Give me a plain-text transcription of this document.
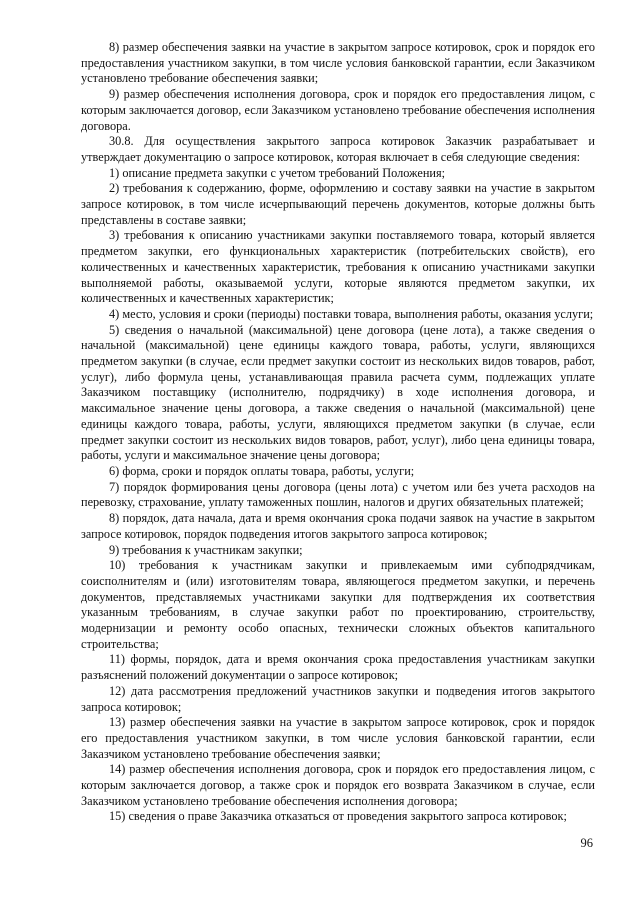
8) размер обеспечения заявки на участие в закрытом запросе котировок, срок и порядок его предоставления участником закупки, в том числе условия банковской гарантии, если Заказчиком установлено требование обеспечения заявки;

9) размер обеспечения исполнения договора, срок и порядок его предоставления лицом, с которым заключается договор, если Заказчиком установлено требование обеспечения исполнения договора.

30.8. Для осуществления закрытого запроса котировок Заказчик разрабатывает и утверждает документацию о запросе котировок, которая включает в себя следующие сведения:

1) описание предмета закупки с учетом требований Положения;

2) требования к содержанию, форме, оформлению и составу заявки на участие в закрытом запросе котировок, в том числе исчерпывающий перечень документов, которые должны быть представлены в составе заявки;

3) требования к описанию участниками закупки поставляемого товара, который является предметом закупки, его функциональных характеристик (потребительских свойств), его количественных и качественных характеристик, требования к описанию участниками закупки выполняемой работы, оказываемой услуги, которые являются предметом закупки, их количественных и качественных характеристик;

4) место, условия и сроки (периоды) поставки товара, выполнения работы, оказания услуги;

5) сведения о начальной (максимальной) цене договора (цене лота), а также сведения о начальной (максимальной) цене единицы каждого товара, работы, услуги, являющихся предметом закупки (в случае, если предмет закупки состоит из нескольких видов товаров, работ, услуг), либо формула цены, устанавливающая правила расчета сумм, подлежащих уплате Заказчиком поставщику (исполнителю, подрядчику) в ходе исполнения договора, и максимальное значение цены договора, а также сведения о начальной (максимальной) цене единицы каждого товара, работы, услуги, являющихся предметом закупки (в случае, если предмет закупки состоит из нескольких видов товаров, работ, услуг), либо цена единицы товара, работы, услуги и максимальное значение цены договора;

6) форма, сроки и порядок оплаты товара, работы, услуги;

7) порядок формирования цены договора (цены лота) с учетом или без учета расходов на перевозку, страхование, уплату таможенных пошлин, налогов и других обязательных платежей;

8) порядок, дата начала, дата и время окончания срока подачи заявок на участие в закрытом запросе котировок, порядок подведения итогов закрытого запроса котировок;

9) требования к участникам закупки;

10) требования к участникам закупки и привлекаемым ими субподрядчикам, соисполнителям и (или) изготовителям товара, являющегося предметом закупки, и перечень документов, представляемых участниками закупки для подтверждения их соответствия указанным требованиям, в случае закупки работ по проектированию, строительству, модернизации и ремонту особо опасных, технически сложных объектов капитального строительства;

11) формы, порядок, дата и время окончания срока предоставления участникам закупки разъяснений положений документации о запросе котировок;

12) дата рассмотрения предложений участников закупки и подведения итогов закрытого запроса котировок;

13) размер обеспечения заявки на участие в закрытом запросе котировок, срок и порядок его предоставления участником закупки, в том числе условия банковской гарантии, если Заказчиком установлено требование обеспечения заявки;

14) размер обеспечения исполнения договора, срок и порядок его предоставления лицом, с которым заключается договор, а также срок и порядок его возврата Заказчиком в случае, если Заказчиком установлено требование обеспечения исполнения договора;

15) сведения о праве Заказчика отказаться от проведения закрытого запроса котировок;

96
